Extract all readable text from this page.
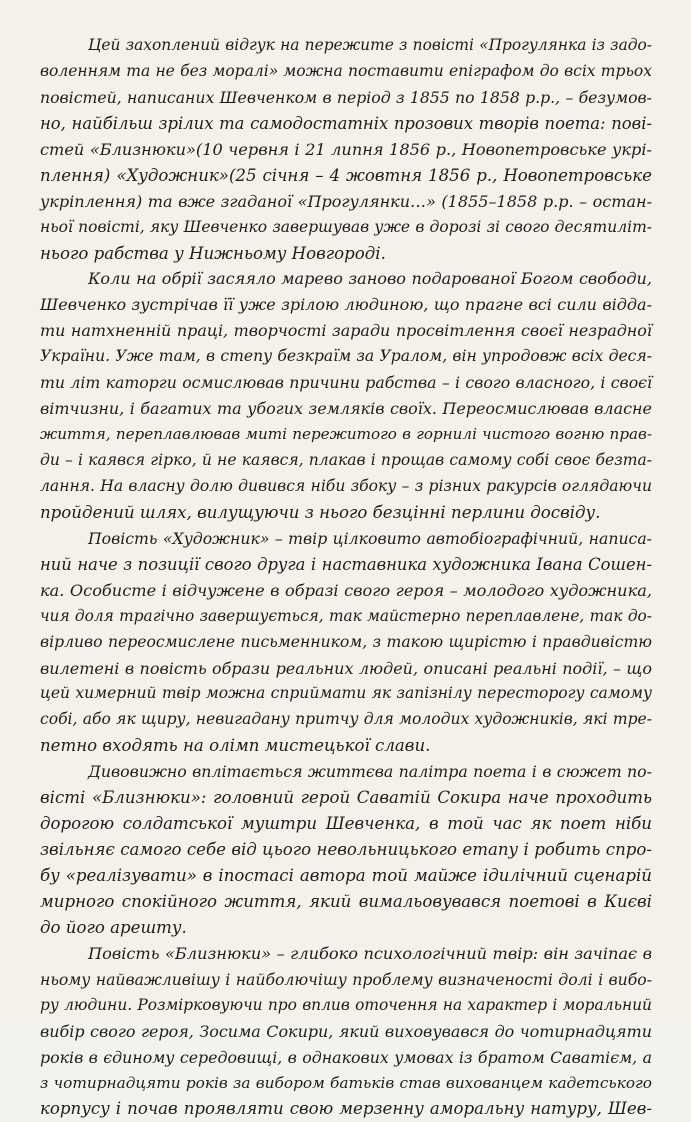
Цей захоплений відгук на пережите з повісті «Прогулянка із задо-
воленням та не без моралі» можна поставити епіграфом до всіх трьох
повістей, написаних Шевченком в період з 1855 по 1858 р.р., – безумов-
но, найбільш зрілих та самодостатніх прозових творів поета: пові-
стей «Близнюки»(10 червня і 21 липня 1856 р., Новопетровське укрі-
плення) «Художник»(25 січня – 4 жовтня 1856 р., Новопетровське
укріплення) та вже згаданої «Прогулянки…» (1855–1858 р.р. – остан-
ньої повісті, яку Шевченко завершував уже в дорозі зі свого десятиліт-
нього рабства у Нижньому Новгороді.
Коли на обрії засяяло марево заново подарованої Богом свободи,
Шевченко зустрічав її уже зрілою людиною, що прагне всі сили віддa-
ти натхненній праці, творчості заради просвітлення своєї незрадної
України. Уже там, в степу безкраїм за Уралом, він упродовж всіх деся-
ти літ каторги осмислював причини рабства – і свого власного, і своєї
вітчизни, і багатих та убогих земляків своїх. Переосмислював власне
життя, переплавлював миті пережитого в горнилі чистого вогню прав-
ди – і каявся гірко, й не каявся, плакав і прощав самому собі своє безта-
лання. На власну долю дивився ніби збоку – з різних ракурсів оглядаючи
пройдений шлях, вилущуючи з нього безцінні перлини досвіду.
Повість «Художник» – твір цілковито автобіографічний, написа-
ний наче з позиції свого друга і наставника художника Івана Сошен-
ка. Особисте і відчужене в образі свого героя – молодого художника,
чия доля трагічно завершується, так майстерно переплавлене, так до-
вірливо переосмислене письменником, з такою щирістю і правдивістю
вилетені в повість образи реальних людей, описані реальні події, – що
цей химерний твір можна сприймати як запізнілу пересторогу самому
собі, або як щиру, невигадану притчу для молодих художників, які тре-
петно входять на олімп мистецької слави.
Дивовижно вплітається життєва палітра поета і в сюжет по-
вісті «Близнюки»: головний герой Саватій Сокира наче проходить
дорогою солдатської муштри Шевченка, в той час як поет ніби
звільняє самого себе від цього невольницького етапу і робить спро-
бу «реалізувати» в іпостасі автора той майже ідилічний сценарій
мирного спокійного життя, який вимальовувався поетові в Києві
до його арешту.
Повість «Близнюки» – глибоко психологічний твір: він зачіпає в
ньому найважливішу і найболючішу проблему визначеності долі і вибо-
ру людини. Розмірковуючи про вплив оточення на характер і моральний
вибір свого героя, Зосима Сокири, який виховувався до чотирнадцяти
років в єдиному середовищі, в однакових умовах із братом Саватієм, а
з чотирнадцяти років за вибором батьків став вихованцем кадетського
корпусу і почав проявляти свою мерзенну аморальну натуру, Шев-
